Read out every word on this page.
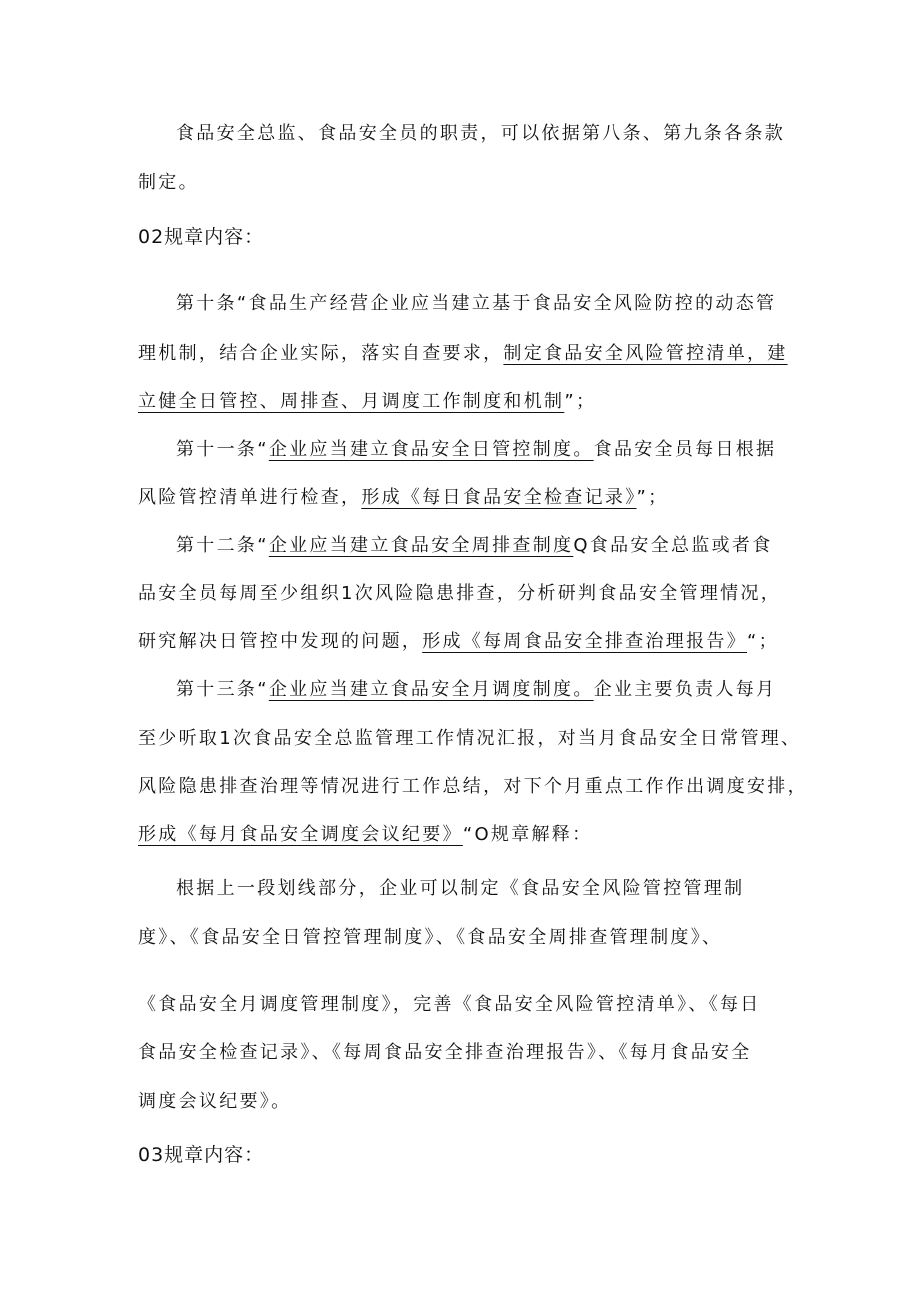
食品安全总监、食品安全员的职责，可以依据第八条、第九条各条款
制定。
02规章内容：
第十条“食品生产经营企业应当建立基于食品安全风险防控的动态管
理机制，结合企业实际，落实自查要求，制定食品安全风险管控清单，建
立健全日管控、周排查、月调度工作制度和机制”；
第十一条“企业应当建立食品安全日管控制度。食品安全员每日根据
风险管控清单进行检查，形成《每日食品安全检查记录》”；
第十二条“企业应当建立食品安全周排查制度Q食品安全总监或者食
品安全员每周至少组织1次风险隐患排查，分析研判食品安全管理情况，
研究解决日管控中发现的问题，形成《每周食品安全排查治理报告》“；
第十三条“企业应当建立食品安全月调度制度。企业主要负责人每月
至少听取1次食品安全总监管理工作情况汇报，对当月食品安全日常管理、
风险隐患排查治理等情况进行工作总结，对下个月重点工作作出调度安排，
形成《每月食品安全调度会议纪要》“O规章解释：
根据上一段划线部分，企业可以制定《食品安全风险管控管理制
度》、《食品安全日管控管理制度》、《食品安全周排查管理制度》、
《食品安全月调度管理制度》，完善《食品安全风险管控清单》、《每日
食品安全检查记录》、《每周食品安全排查治理报告》、《每月食品安全
调度会议纪要》。
03规章内容：
